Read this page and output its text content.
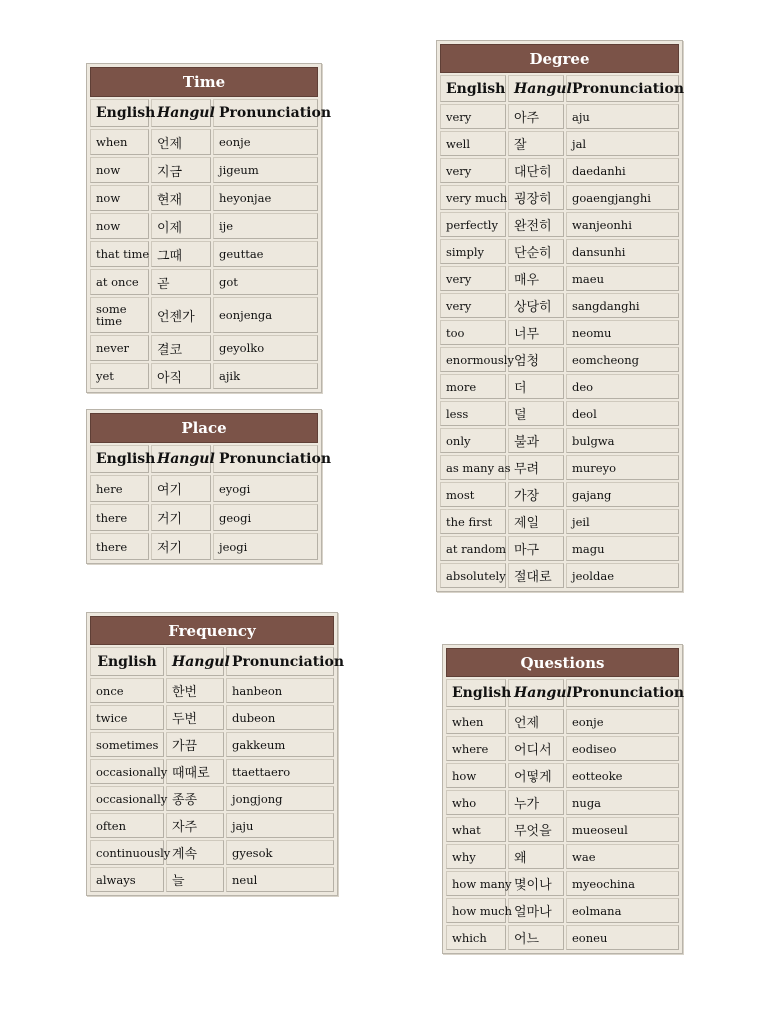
Time		
English	Hangul	Pronunciation
when	언제	eonje
now	지금	jigeum
now	현재	heyonjae
now	이제	ije
that time	그때	geuttae
at once	곧	got
some time	언젠가	eonjenga
never	결코	geyolko
yet	아직	ajik
Place		
English	Hangul	Pronunciation
here	여기	eyogi
there	거기	geogi
there	저기	jeogi
Frequency		
English	Hangul	Pronunciation
once	한번	hanbeon
twice	두번	dubeon
sometimes	가끔	gakkeum
occasionally	때때로	ttaettaero
occasionally	종종	jongjong
often	자주	jaju
continuously	계속	gyesok
always	늘	neul
Degree		
English	Hangul	Pronunciation
very	아주	aju
well	잘	jal
very	대단히	daedanhi
very much	굉장히	goaengjanghi
perfectly	완전히	wanjeonhi
simply	단순히	dansunhi
very	매우	maeu
very	상당히	sangdanghi
too	너무	neomu
enormously	엄청	eomcheong
more	더	deo
less	덜	deol
only	불과	bulgwa
as many as	무려	mureyo
most	가장	gajang
the first	제일	jeil
at random	마구	magu
absolutely	절대로	jeoldae
Questions		
English	Hangul	Pronunciation
when	언제	eonje
where	어디서	eodiseo
how	어떻게	eotteoke
who	누가	nuga
what	무엇을	mueoseul
why	왜	wae
how many	몇이나	myeochina
how much	얼마나	eolmana
which	어느	eoneu
